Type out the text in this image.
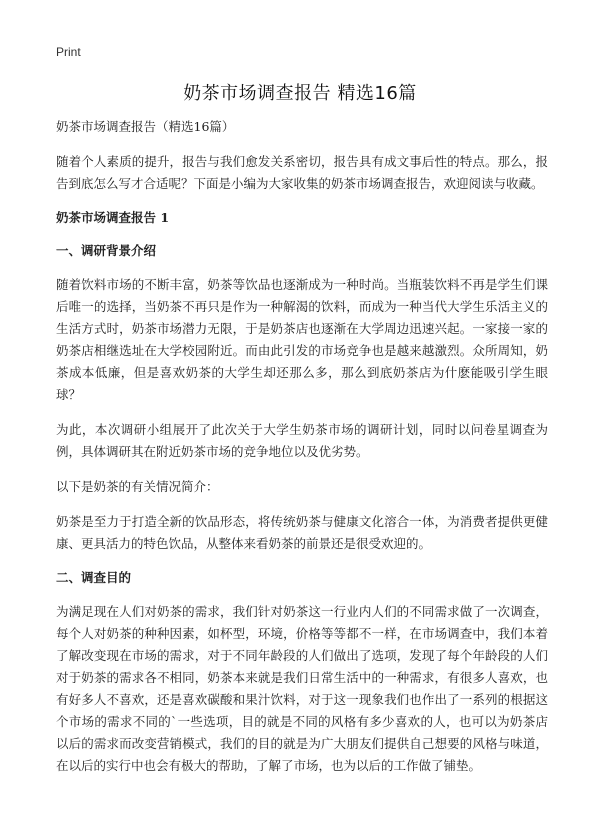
Print
奶茶市场调查报告 精选16篇

奶茶市场调查报告（精选16篇）

随着个人素质的提升，报告与我们愈发关系密切，报告具有成文事后性的特点。那么，报告到底怎么写才合适呢？下面是小编为大家收集的奶茶市场调查报告，欢迎阅读与收藏。

奶茶市场调查报告 1
一、调研背景介绍

随着饮料市场的不断丰富，奶茶等饮品也逐渐成为一种时尚。当瓶装饮料不再是学生们课后唯一的选择，当奶茶不再只是作为一种解渴的饮料，而成为一种当代大学生乐活主义的生活方式时，奶茶市场潜力无限，于是奶茶店也逐渐在大学周边迅速兴起。一家接一家的奶茶店相继选址在大学校园附近。而由此引发的市场竞争也是越来越激烈。众所周知，奶茶成本低廉，但是喜欢奶茶的大学生却还那么多，那么到底奶茶店为什麽能吸引学生眼球？

为此，本次调研小组展开了此次关于大学生奶茶市场的调研计划，同时以问卷星调查为例，具体调研其在附近奶茶市场的竞争地位以及优劣势。

以下是奶茶的有关情况简介：

奶茶是至力于打造全新的饮品形态，将传统奶茶与健康文化溶合一体，为消费者提供更健康、更具活力的特色饮品，从整体来看奶茶的前景还是很受欢迎的。

二、调查目的

为满足现在人们对奶茶的需求，我们针对奶茶这一行业内人们的不同需求做了一次调查，每个人对奶茶的种种因素，如杯型，环境，价格等等都不一样，在市场调查中，我们本着了解改变现在市场的需求，对于不同年龄段的人们做出了选项，发现了每个年龄段的人们对于奶茶的需求各不相同，奶茶本来就是我们日常生活中的一种需求，有很多人喜欢，也有好多人不喜欢，还是喜欢碳酸和果汁饮料，对于这一现象我们也作出了一系列的根据这个市场的需求不同的`一些选项，目的就是不同的风格有多少喜欢的人，也可以为奶茶店以后的需求而改变营销模式，我们的目的就是为广大朋友们提供自己想要的风格与味道，在以后的实行中也会有极大的帮助，了解了市场，也为以后的工作做了铺垫。
